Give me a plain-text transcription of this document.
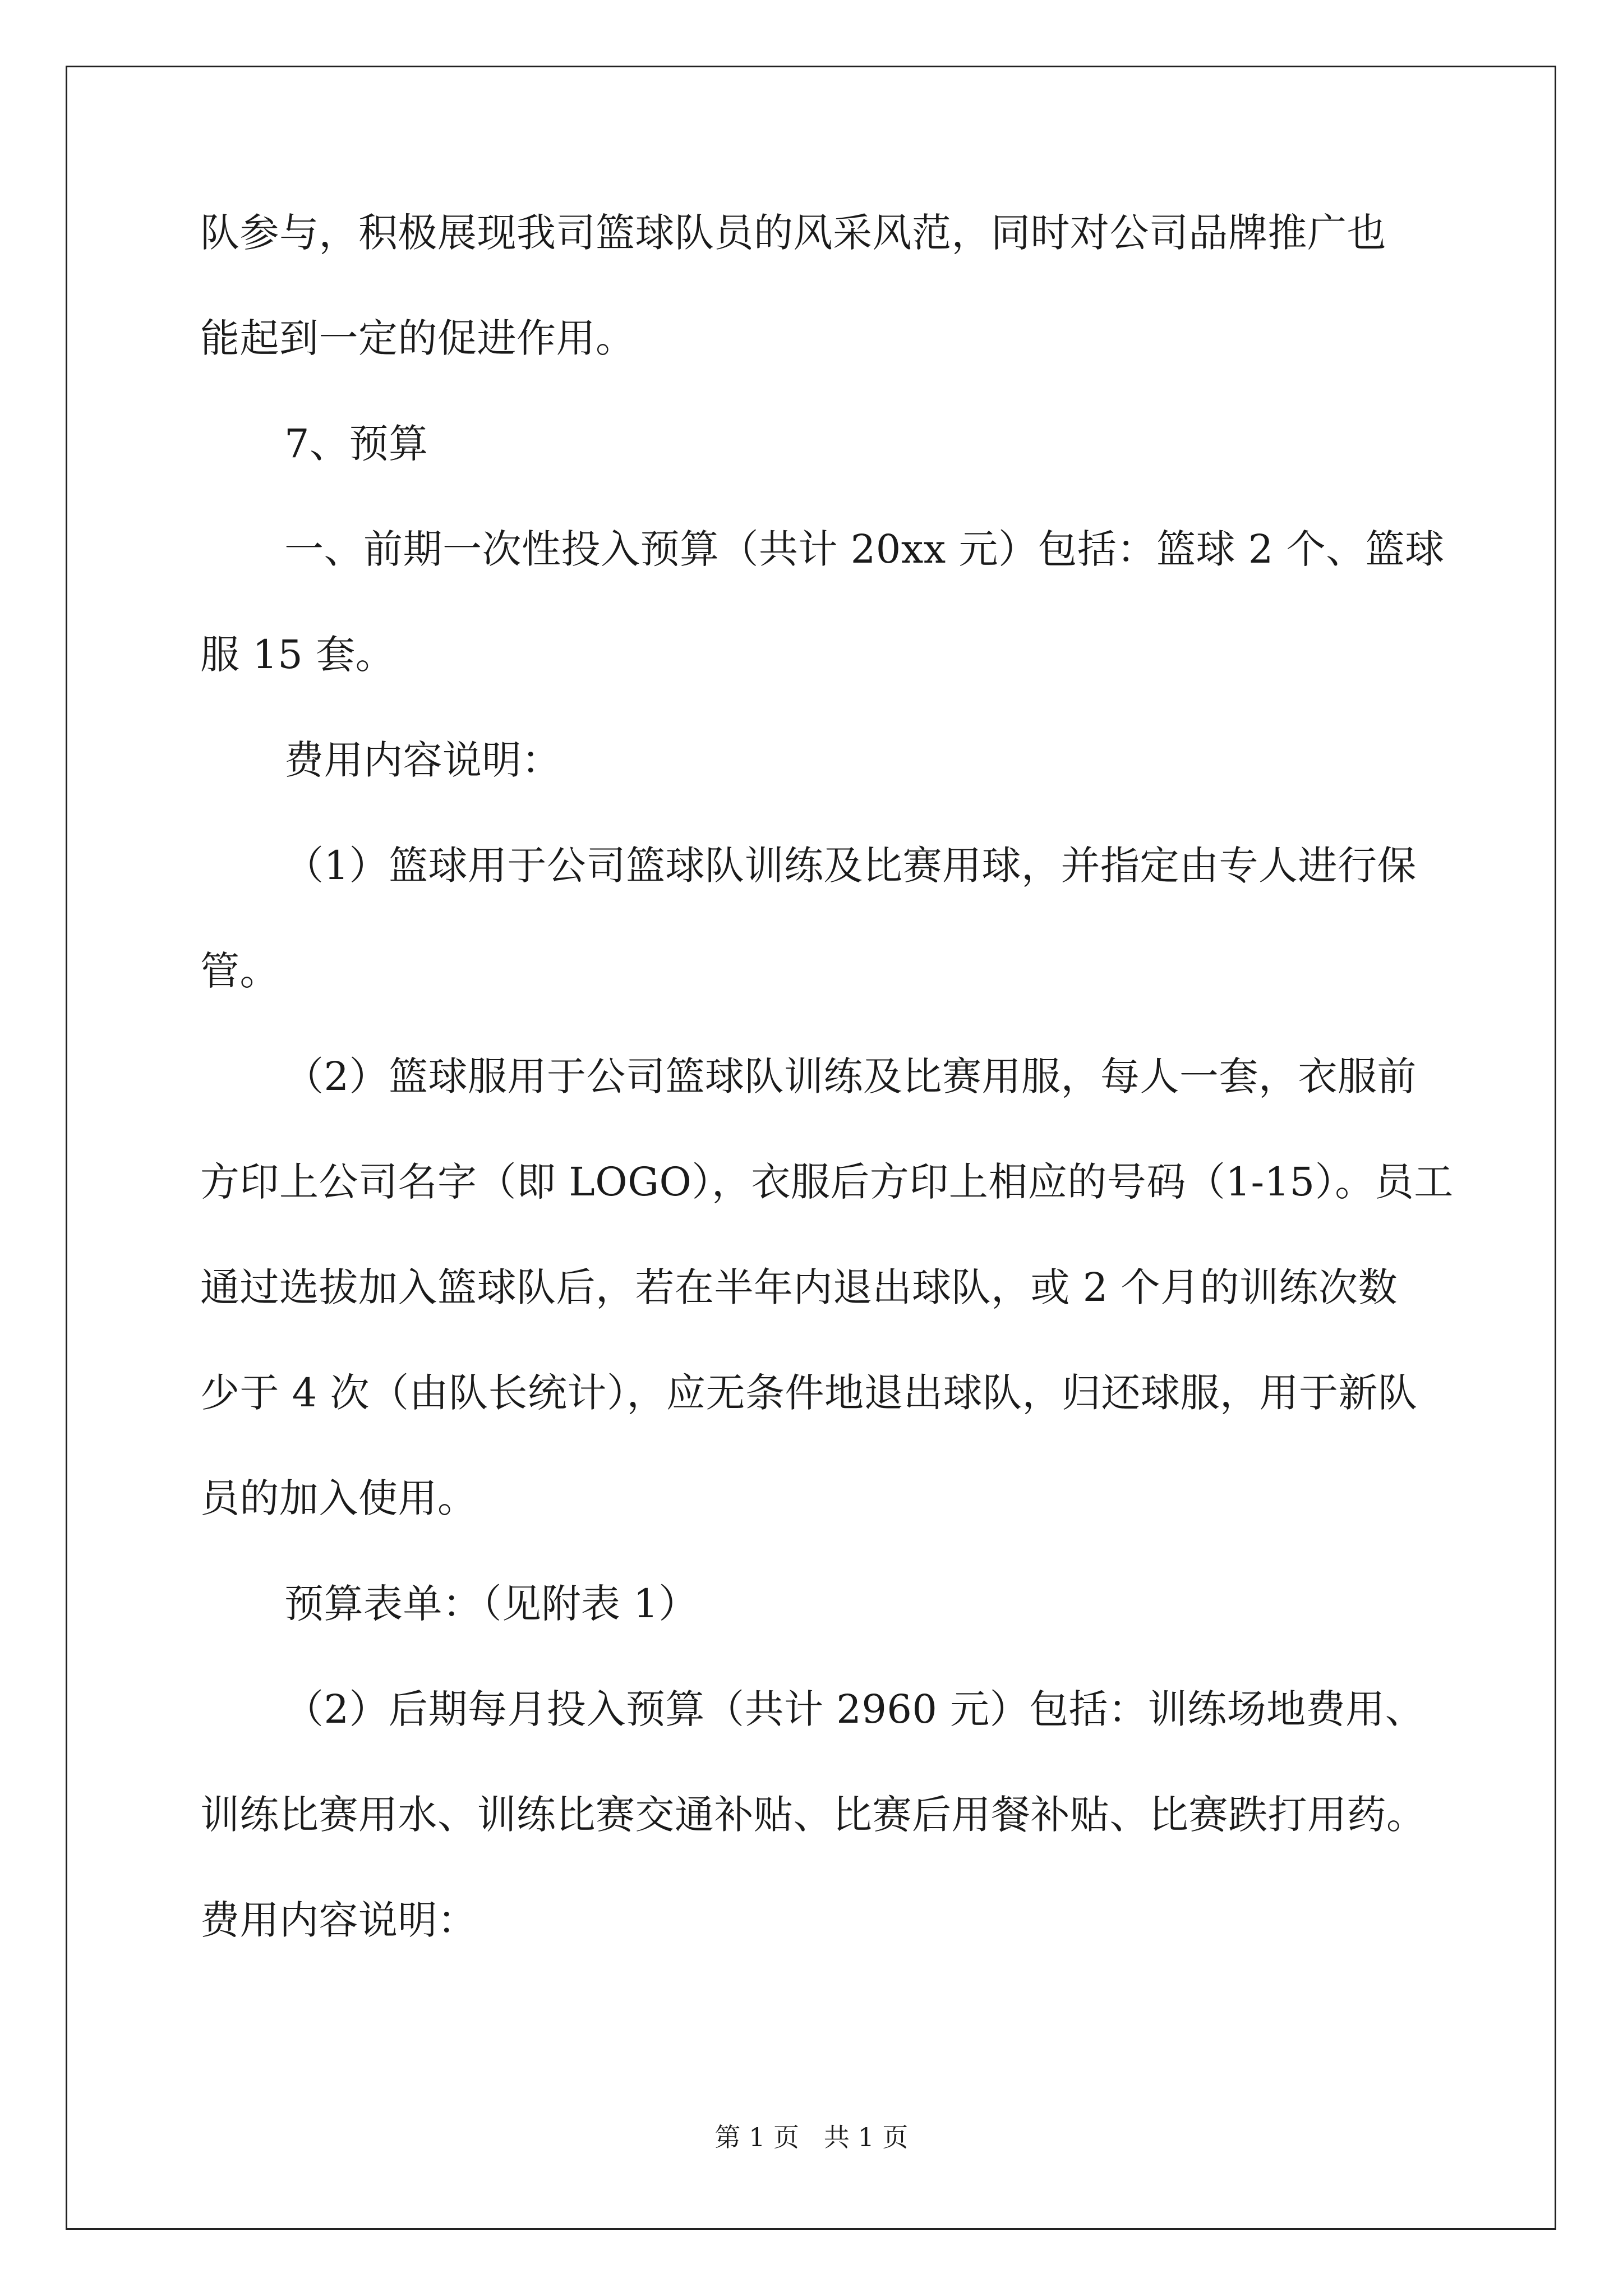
队参与，积极展现我司篮球队员的风采风范，同时对公司品牌推广也
能起到一定的促进作用。
7、预算
一、前期一次性投入预算（共计 20xx 元）包括：篮球 2 个、篮球
服 15 套。
费用内容说明：
（1）篮球用于公司篮球队训练及比赛用球，并指定由专人进行保
管。
（2）篮球服用于公司篮球队训练及比赛用服，每人一套，衣服前
方印上公司名字（即 LOGO），衣服后方印上相应的号码（1-15）。员工
通过选拔加入篮球队后，若在半年内退出球队，或 2 个月的训练次数
少于 4 次（由队长统计），应无条件地退出球队，归还球服，用于新队
员的加入使用。
预算表单：（见附表 1）
（2）后期每月投入预算（共计 2960 元）包括：训练场地费用、
训练比赛用水、训练比赛交通补贴、比赛后用餐补贴、比赛跌打用药。
费用内容说明：
第 1 页   共 1 页
